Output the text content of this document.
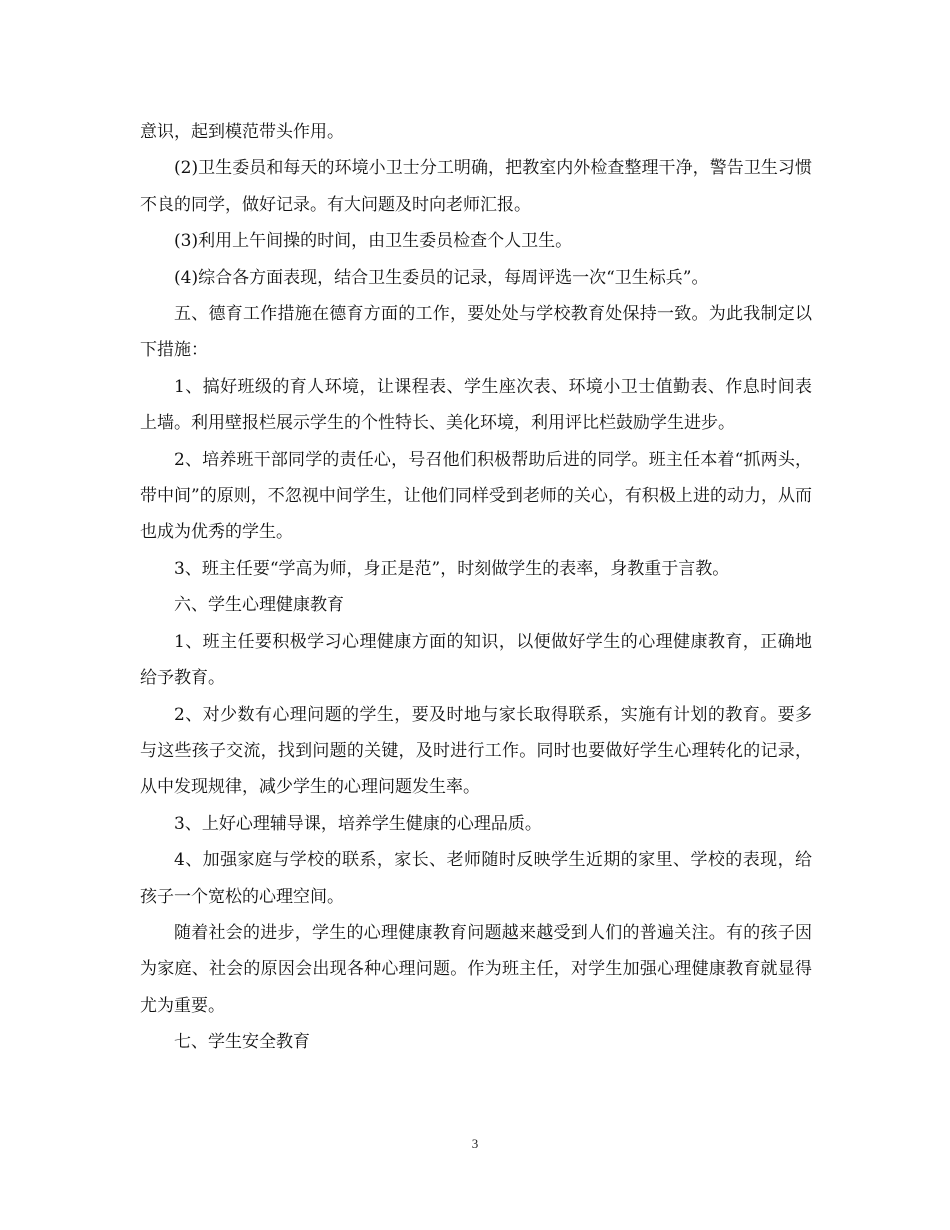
意识，起到模范带头作用。

(2)卫生委员和每天的环境小卫士分工明确，把教室内外检查整理干净，警告卫生习惯不良的同学，做好记录。有大问题及时向老师汇报。

(3)利用上午间操的时间，由卫生委员检查个人卫生。

(4)综合各方面表现，结合卫生委员的记录，每周评选一次“卫生标兵”。

五、德育工作措施在德育方面的工作，要处处与学校教育处保持一致。为此我制定以下措施：

1、搞好班级的育人环境，让课程表、学生座次表、环境小卫士值勤表、作息时间表上墙。利用壁报栏展示学生的个性特长、美化环境，利用评比栏鼓励学生进步。

2、培养班干部同学的责任心，号召他们积极帮助后进的同学。班主任本着“抓两头，带中间”的原则，不忽视中间学生，让他们同样受到老师的关心，有积极上进的动力，从而也成为优秀的学生。

3、班主任要“学高为师，身正是范”，时刻做学生的表率，身教重于言教。

六、学生心理健康教育

1、班主任要积极学习心理健康方面的知识，以便做好学生的心理健康教育，正确地给予教育。

2、对少数有心理问题的学生，要及时地与家长取得联系，实施有计划的教育。要多与这些孩子交流，找到问题的关键，及时进行工作。同时也要做好学生心理转化的记录，从中发现规律，减少学生的心理问题发生率。

3、上好心理辅导课，培养学生健康的心理品质。

4、加强家庭与学校的联系，家长、老师随时反映学生近期的家里、学校的表现，给孩子一个宽松的心理空间。

随着社会的进步，学生的心理健康教育问题越来越受到人们的普遍关注。有的孩子因为家庭、社会的原因会出现各种心理问题。作为班主任，对学生加强心理健康教育就显得尤为重要。

七、学生安全教育

3
